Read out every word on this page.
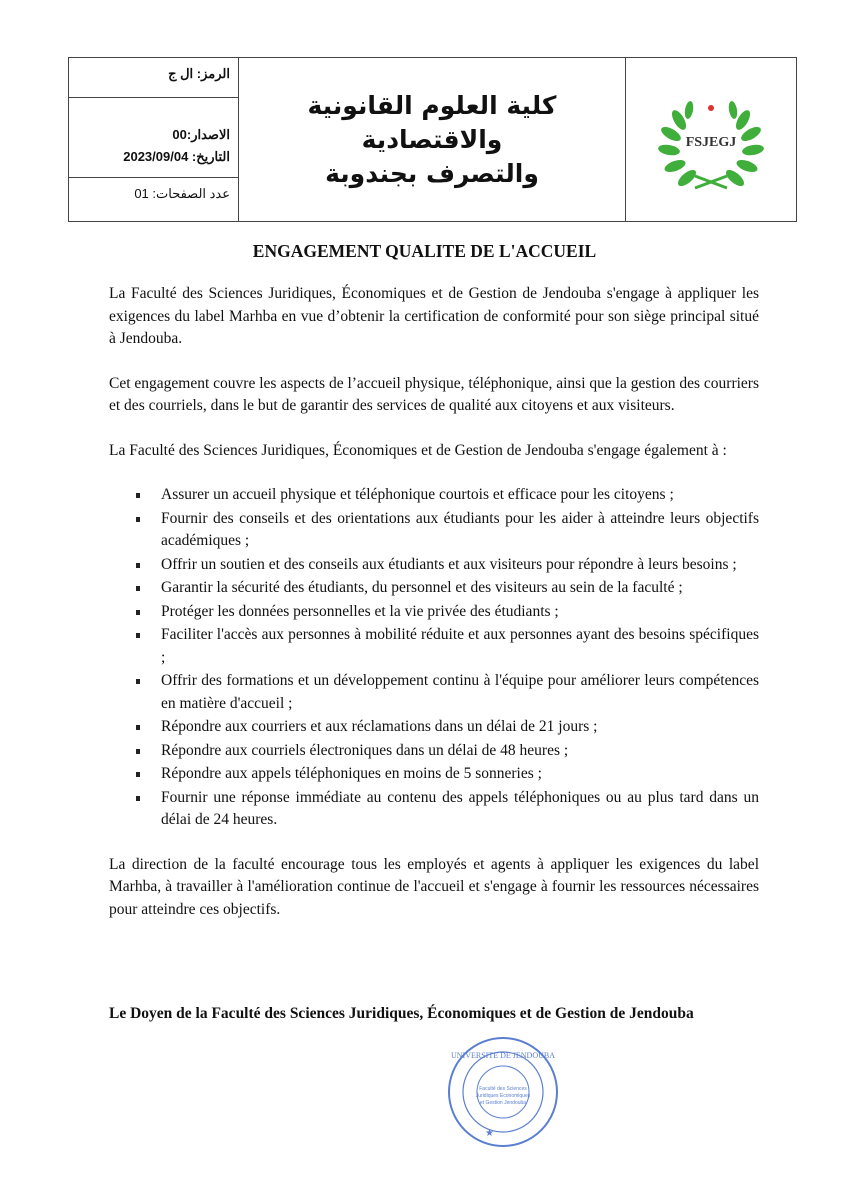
الرمز: ال ج
الاصدار:00
التاريخ: 2023/09/04
عدد الصفحات: 01
كلية العلوم القانونية والاقتصادية
والتصرف بجندوبة
FSJEGJ
ENGAGEMENT QUALITE DE L'ACCUEIL

La Faculté des Sciences Juridiques, Économiques et de Gestion de Jendouba s'engage à appliquer les exigences du label Marhba en vue d’obtenir la certification de conformité pour son siège principal situé à Jendouba.

Cet engagement couvre les aspects de l’accueil physique, téléphonique, ainsi que la gestion des courriers et des courriels, dans le but de garantir des services de qualité aux citoyens et aux visiteurs.

La Faculté des Sciences Juridiques, Économiques et de Gestion de Jendouba s'engage également à :

Assurer un accueil physique et téléphonique courtois et efficace pour les citoyens ;
Fournir des conseils et des orientations aux étudiants pour les aider à atteindre leurs objectifs académiques ;
Offrir un soutien et des conseils aux étudiants et aux visiteurs pour répondre à leurs besoins ;
Garantir la sécurité des étudiants, du personnel et des visiteurs au sein de la faculté ;
Protéger les données personnelles et la vie privée des étudiants ;
Faciliter l'accès aux personnes à mobilité réduite et aux personnes ayant des besoins spécifiques ;
Offrir des formations et un développement continu à l'équipe pour améliorer leurs compétences en matière d'accueil ;
Répondre aux courriers et aux réclamations dans un délai de 21 jours ;
Répondre aux courriels électroniques dans un délai de 48 heures ;
Répondre aux appels téléphoniques en moins de 5 sonneries ;
Fournir une réponse immédiate au contenu des appels téléphoniques ou au plus tard dans un délai de 24 heures.

La direction de la faculté encourage tous les employés et agents à appliquer les exigences du label Marhba, à travailler à l'amélioration continue de l'accueil et s'engage à fournir les ressources nécessaires pour atteindre ces objectifs.

Le Doyen de la Faculté des Sciences Juridiques, Économiques et de Gestion de Jendouba
UNIVERSITE DE JENDOUBA
Faculté des Sciences
Juridiques Economiques
et Gestion Jendouba
★
